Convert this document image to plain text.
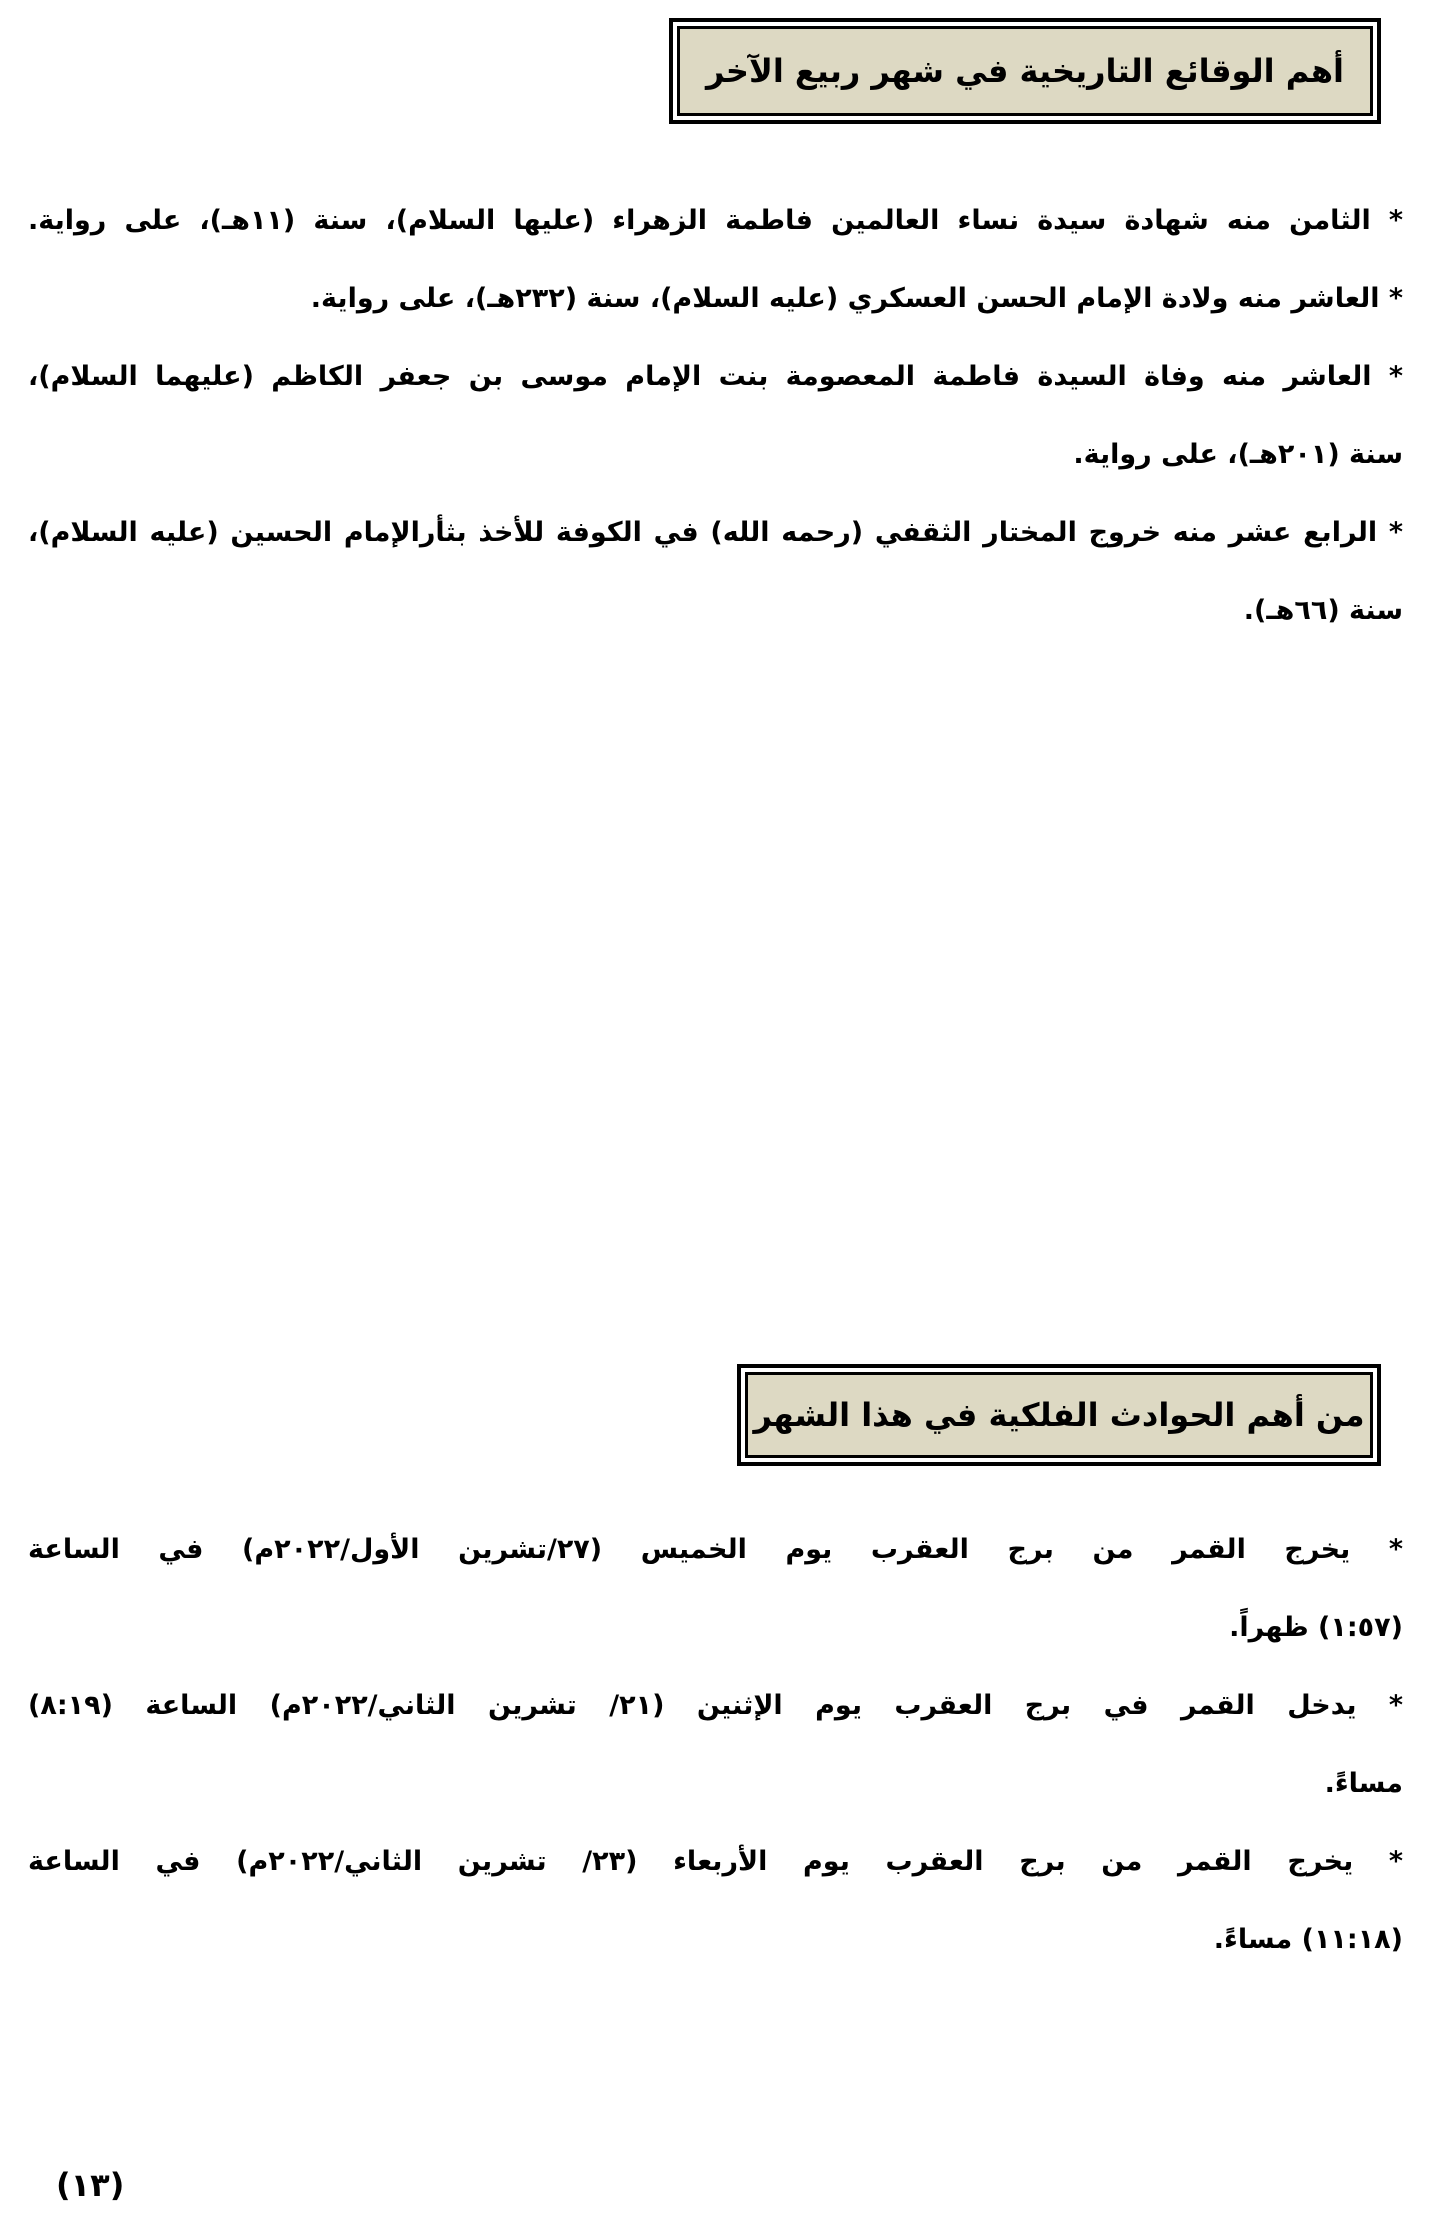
أهم الوقائع التاريخية في شهر ربيع الآخر
* الثامن منه شهادة سيدة نساء العالمين فاطمة الزهراء (عليها السلام)، سنة (١١هـ)، على رواية.
* العاشر منه ولادة الإمام الحسن العسكري (عليه السلام)، سنة (٢٣٢هـ)، على رواية.
* العاشر منه وفاة السيدة فاطمة المعصومة بنت الإمام موسى بن جعفر الكاظم (عليهما السلام)،
سنة (٢٠١هـ)، على رواية.
* الرابع عشر منه خروج المختار الثقفي (رحمه الله) في الكوفة للأخذ بثأرالإمام الحسين (عليه السلام)،
سنة (٦٦هـ).
من أهم الحوادث الفلكية في هذا الشهر
* يخرج القمر من برج العقرب يوم الخميس (٢٧/تشرين الأول/٢٠٢٢م) في الساعة
(١:٥٧) ظهراً.
* يدخل القمر في برج العقرب يوم الإثنين (٢١/ تشرين الثاني/٢٠٢٢م) الساعة (٨:١٩)
مساءً.
* يخرج القمر من برج العقرب يوم الأربعاء (٢٣/ تشرين الثاني/٢٠٢٢م) في الساعة
(١١:١٨) مساءً.
(١٣)
